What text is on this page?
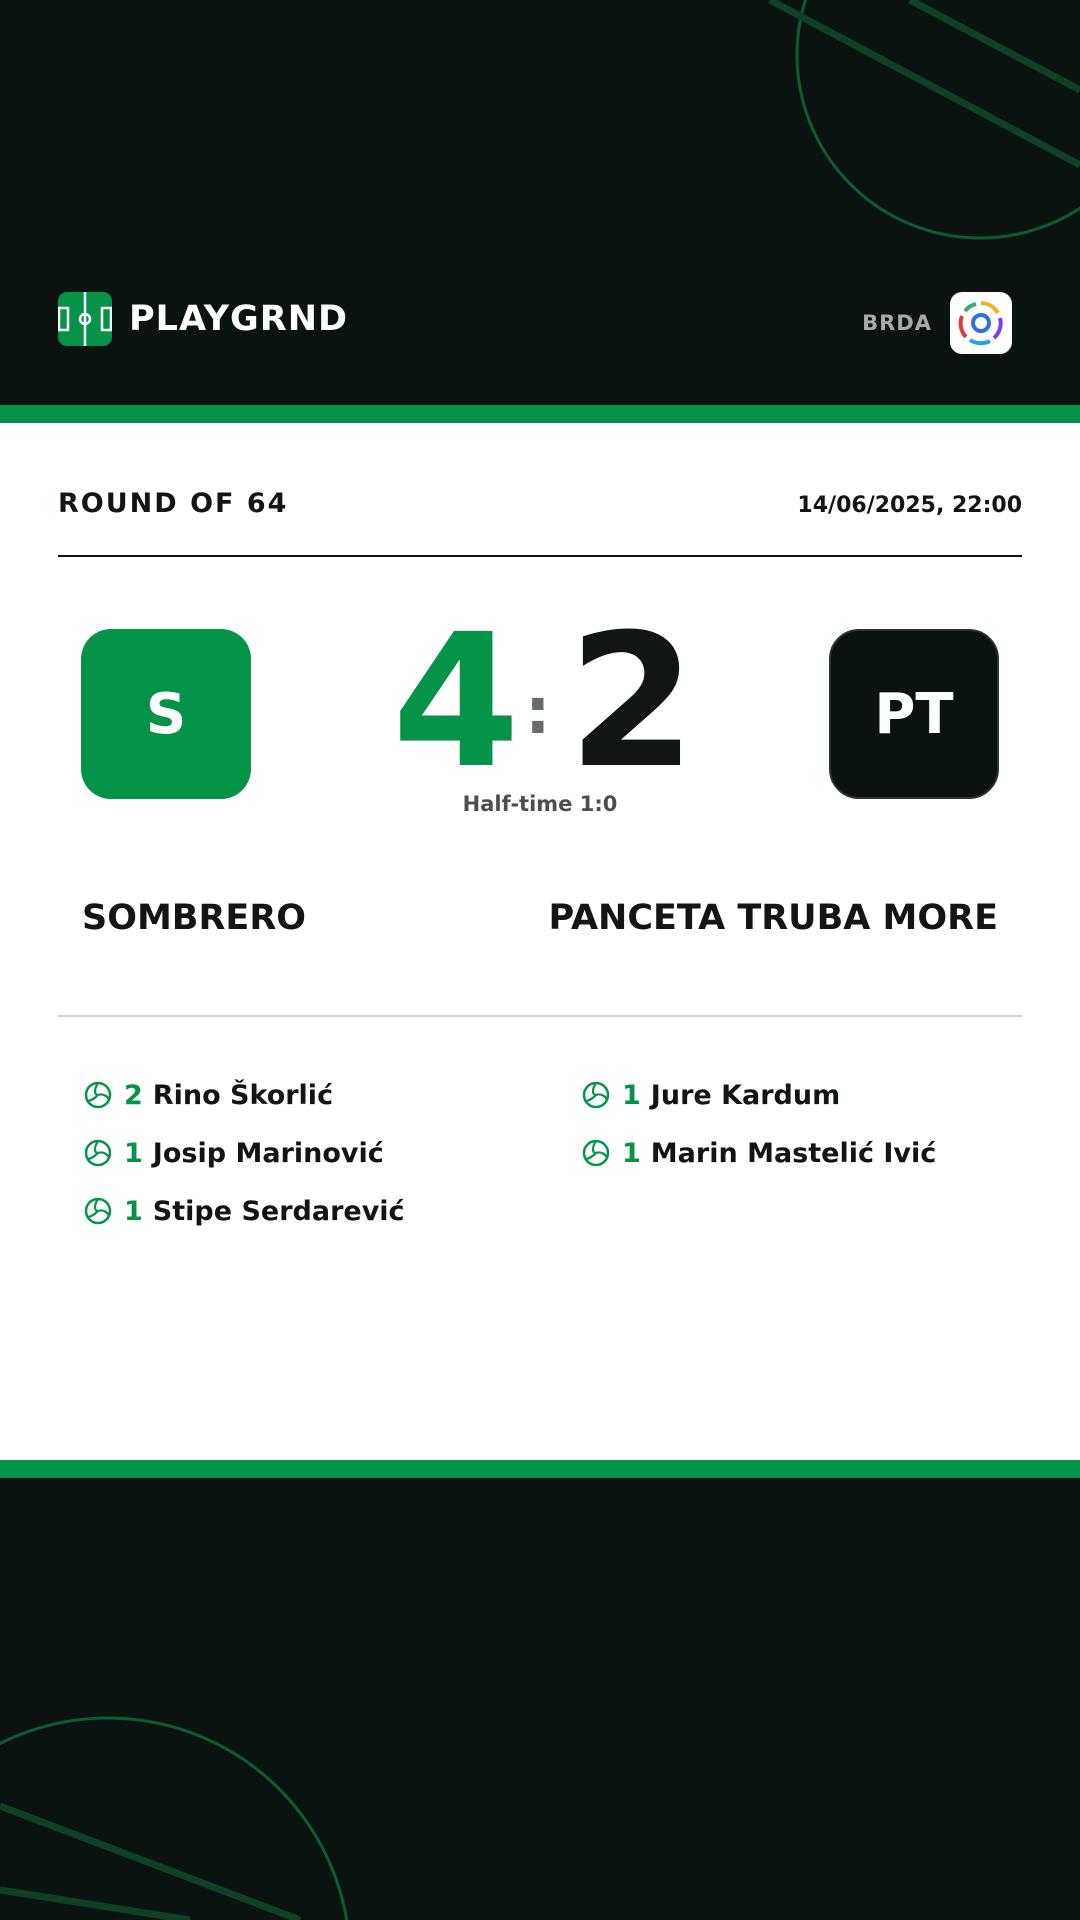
PLAYGRND	BRDA
ROUND OF 64	14/06/2025, 22:00
S	PT
4 : 2
Half-time 1:0
SOMBRERO	PANCETA TRUBA MORE
2 Rino Škorlić
1 Josip Marinović
1 Stipe Serdarević
1 Jure Kardum
1 Marin Mastelić Ivić
